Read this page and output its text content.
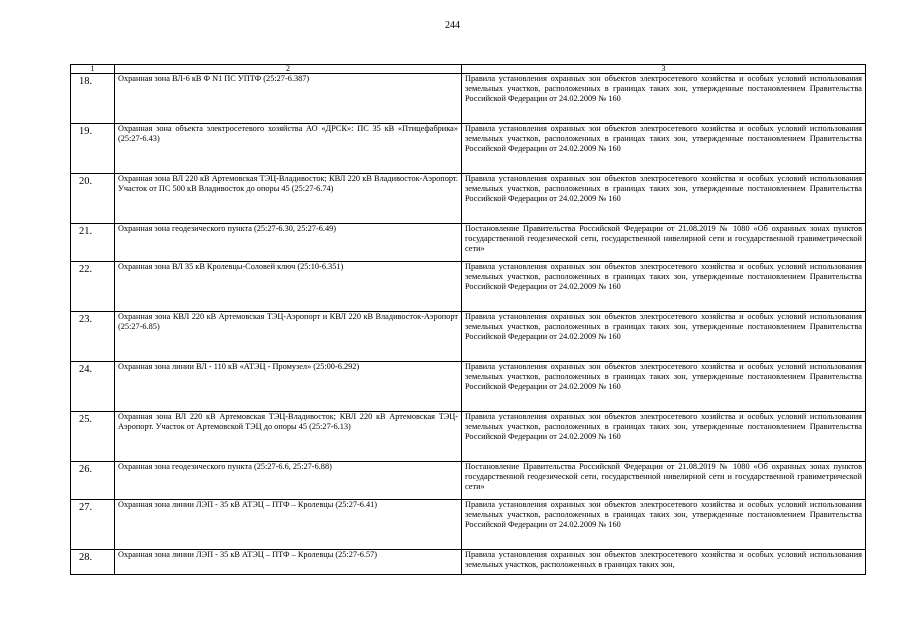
244
1	2	3
18.	Охранная зона ВЛ-6 кВ Ф N1 ПС УПТФ (25:27-6.387)	Правила установления охранных зон объектов электросетевого хозяйства и особых условий использования земельных участков, расположенных в границах таких зон, утвержденные постановлением Правительства Российской Федерации от 24.02.2009 № 160
19.	Охранная зона объекта электросетевого хозяйства АО «ДРСК»: ПС 35 кВ «Птицефабрика» (25:27-6.43)	Правила установления охранных зон объектов электросетевого хозяйства и особых условий использования земельных участков, расположенных в границах таких зон, утвержденные постановлением Правительства Российской Федерации от 24.02.2009 № 160
20.	Охранная зона ВЛ 220 кВ Артемовская ТЭЦ-Владивосток; КВЛ 220 кВ Владивосток-Аэропорт. Участок от ПС 500 кВ Владивосток до опоры 45 (25:27-6.74)	Правила установления охранных зон объектов электросетевого хозяйства и особых условий использования земельных участков, расположенных в границах таких зон, утвержденные постановлением Правительства Российской Федерации от 24.02.2009 № 160
21.	Охранная зона геодезического пункта (25:27-6.30, 25:27-6.49)	Постановление Правительства Российской Федерации от 21.08.2019 № 1080 «Об охранных зонах пунктов государственной геодезической сети, государственной нивелирной сети и государственной гравиметрической сети»
22.	Охранная зона ВЛ 35 кВ Кролевцы-Соловей ключ (25:10-6.351)	Правила установления охранных зон объектов электросетевого хозяйства и особых условий использования земельных участков, расположенных в границах таких зон, утвержденные постановлением Правительства Российской Федерации от 24.02.2009 № 160
23.	Охранная зона КВЛ 220 кВ Артемовская ТЭЦ-Аэропорт и КВЛ 220 кВ Владивосток-Аэропорт (25:27-6.85)	Правила установления охранных зон объектов электросетевого хозяйства и особых условий использования земельных участков, расположенных в границах таких зон, утвержденные постановлением Правительства Российской Федерации от 24.02.2009 № 160
24.	Охранная зона линии ВЛ - 110 кВ «АТЭЦ - Промузел» (25:00-6.292)	Правила установления охранных зон объектов электросетевого хозяйства и особых условий использования земельных участков, расположенных в границах таких зон, утвержденные постановлением Правительства Российской Федерации от 24.02.2009 № 160
25.	Охранная зона ВЛ 220 кВ Артемовская ТЭЦ-Владивосток; КВЛ 220 кВ Артемовская ТЭЦ-Аэропорт. Участок от Артемовской ТЭЦ до опоры 45 (25:27-6.13)	Правила установления охранных зон объектов электросетевого хозяйства и особых условий использования земельных участков, расположенных в границах таких зон, утвержденные постановлением Правительства Российской Федерации от 24.02.2009 № 160
26.	Охранная зона геодезического пункта (25:27-6.6, 25:27-6.88)	Постановление Правительства Российской Федерации от 21.08.2019 № 1080 «Об охранных зонах пунктов государственной геодезической сети, государственной нивелирной сети и государственной гравиметрической сети»
27.	Охранная зона линии ЛЭП - 35 кВ АТЭЦ – ПТФ – Кролевцы (25:27-6.41)	Правила установления охранных зон объектов электросетевого хозяйства и особых условий использования земельных участков, расположенных в границах таких зон, утвержденные постановлением Правительства Российской Федерации от 24.02.2009 № 160
28.	Охранная зона линии ЛЭП - 35 кВ АТЭЦ – ПТФ – Кролевцы (25:27-6.57)	Правила установления охранных зон объектов электросетевого хозяйства и особых условий использования земельных участков, расположенных в границах таких зон,
